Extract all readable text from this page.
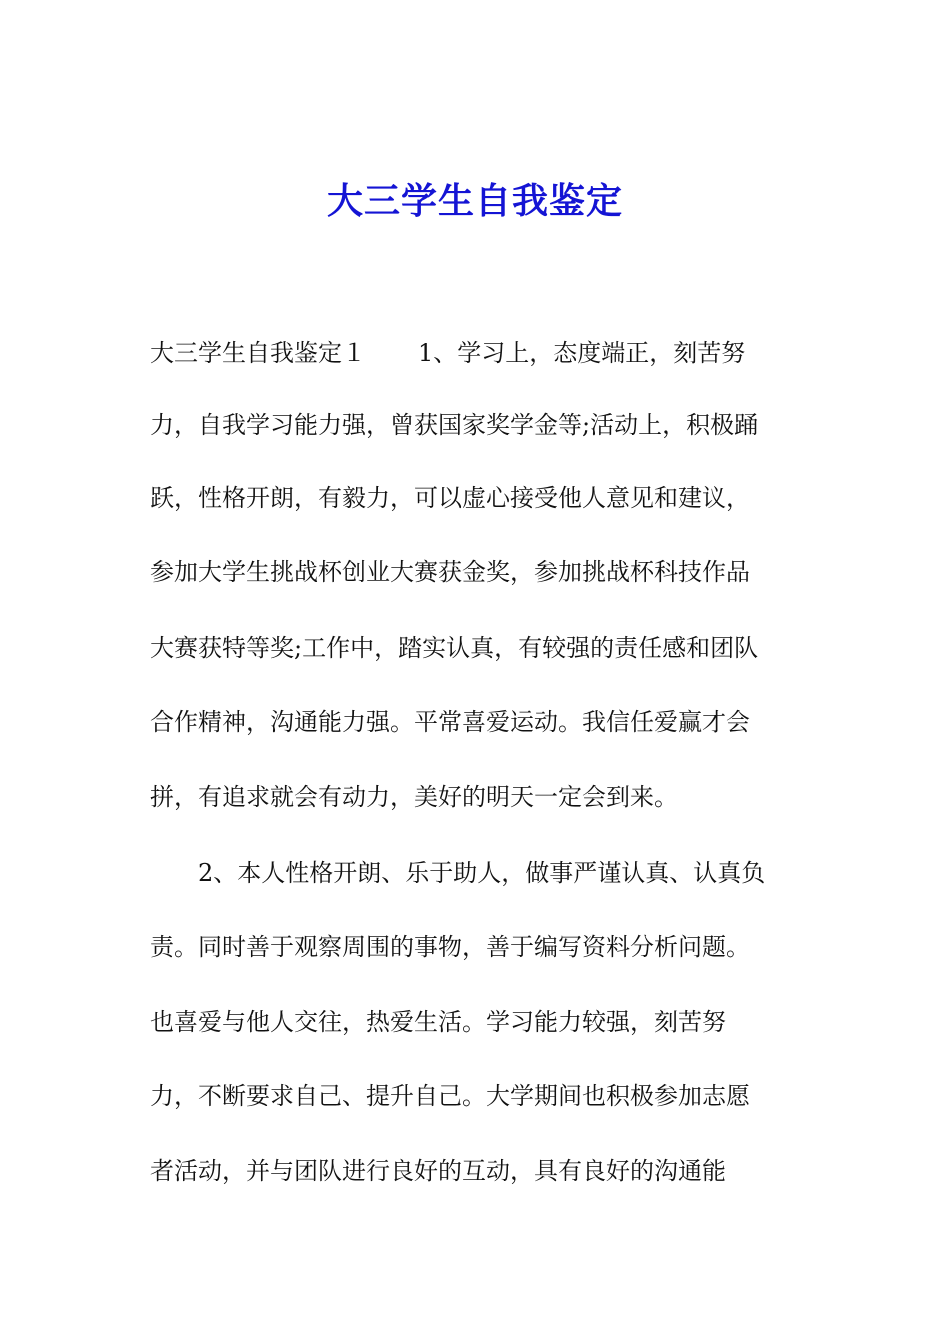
大三学生自我鉴定
大三学生自我鉴定１ 1、学习上，态度端正，刻苦努
力，自我学习能力强，曾获国家奖学金等;活动上，积极踊
跃，性格开朗，有毅力，可以虚心接受他人意见和建议，
参加大学生挑战杯创业大赛获金奖，参加挑战杯科技作品
大赛获特等奖;工作中，踏实认真，有较强的责任感和团队
合作精神，沟通能力强。平常喜爱运动。我信任爱赢才会
拼，有追求就会有动力，美好的明天一定会到来。
2、本人性格开朗、乐于助人，做事严谨认真、认真负
责。同时善于观察周围的事物，善于编写资料分析问题。
也喜爱与他人交往，热爱生活。学习能力较强，刻苦努
力，不断要求自己、提升自己。大学期间也积极参加志愿
者活动，并与团队进行良好的互动，具有良好的沟通能
